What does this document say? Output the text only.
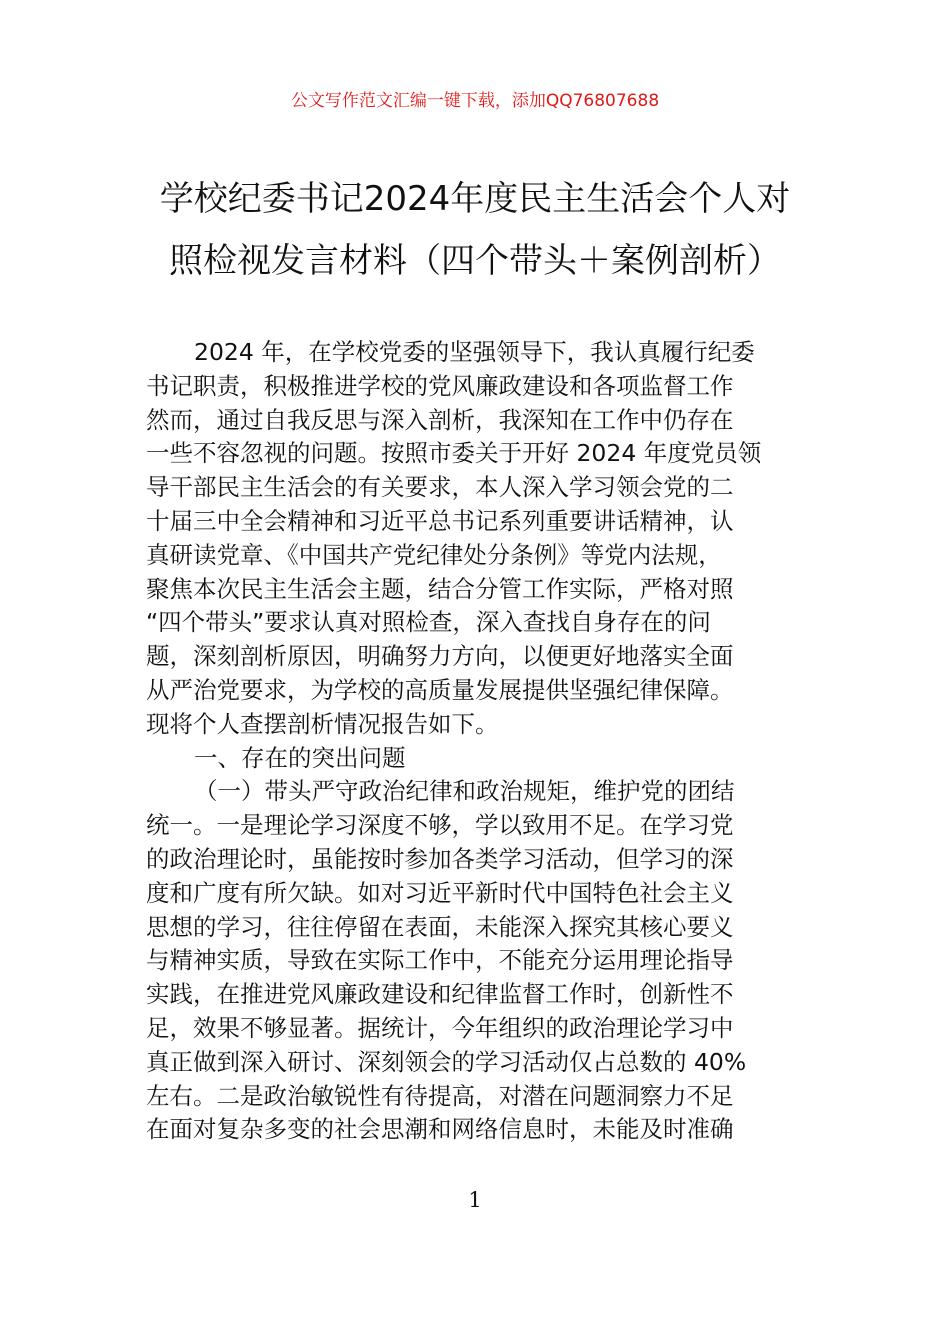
公文写作范文汇编一键下载，添加QQ76807688
学校纪委书记2024年度民主生活会个人对
照检视发言材料（四个带头＋案例剖析）
2024 年，在学校党委的坚强领导下，我认真履行纪委
书记职责，积极推进学校的党风廉政建设和各项监督工作
然而，通过自我反思与深入剖析，我深知在工作中仍存在
一些不容忽视的问题。按照市委关于开好 2024 年度党员领
导干部民主生活会的有关要求，本人深入学习领会党的二
十届三中全会精神和习近平总书记系列重要讲话精神，认
真研读党章、《中国共产党纪律处分条例》等党内法规，
聚焦本次民主生活会主题，结合分管工作实际，严格对照
“四个带头”要求认真对照检查，深入查找自身存在的问
题，深刻剖析原因，明确努力方向，以便更好地落实全面
从严治党要求，为学校的高质量发展提供坚强纪律保障。
现将个人查摆剖析情况报告如下。
一、存在的突出问题
（一）带头严守政治纪律和政治规矩，维护党的团结
统一。一是理论学习深度不够，学以致用不足。在学习党
的政治理论时，虽能按时参加各类学习活动，但学习的深
度和广度有所欠缺。如对习近平新时代中国特色社会主义
思想的学习，往往停留在表面，未能深入探究其核心要义
与精神实质，导致在实际工作中，不能充分运用理论指导
实践，在推进党风廉政建设和纪律监督工作时，创新性不
足，效果不够显著。据统计，今年组织的政治理论学习中
真正做到深入研讨、深刻领会的学习活动仅占总数的 40%
左右。二是政治敏锐性有待提高，对潜在问题洞察力不足
在面对复杂多变的社会思潮和网络信息时，未能及时准确
1
